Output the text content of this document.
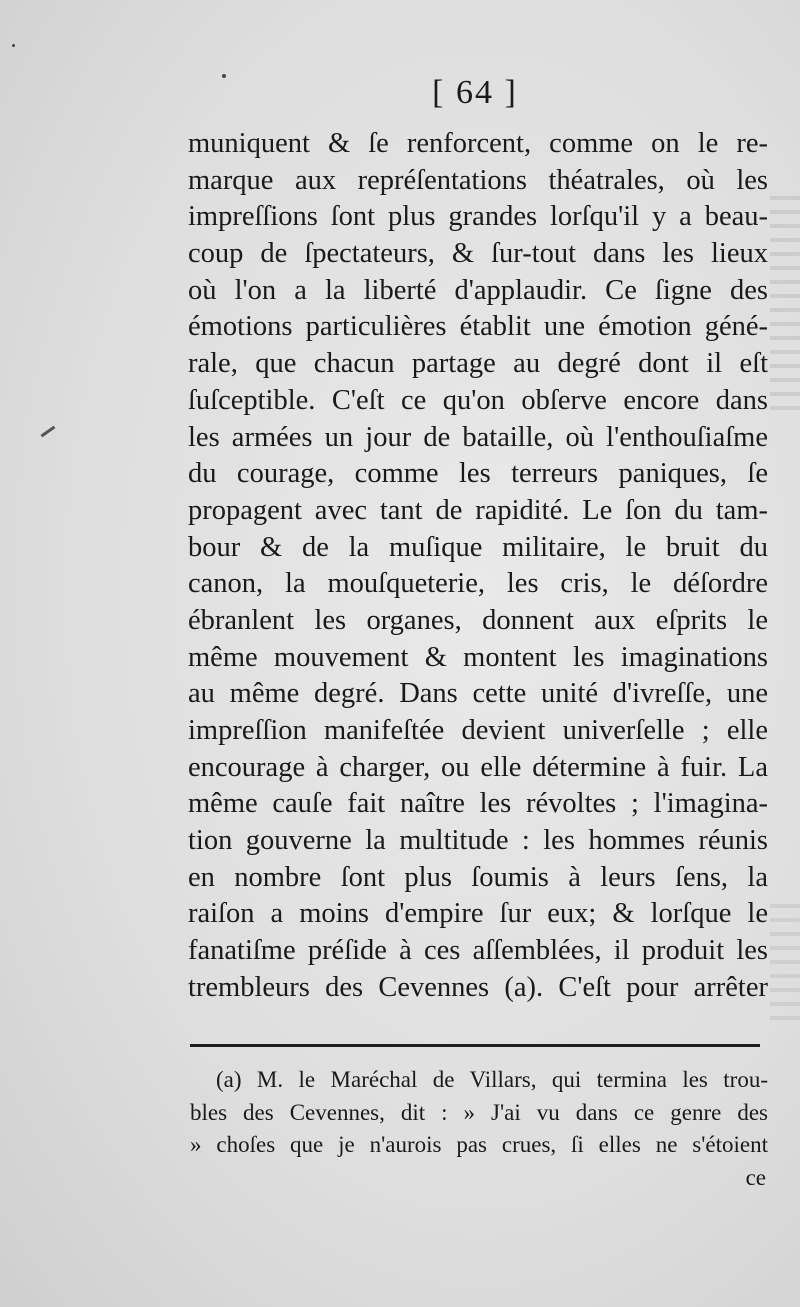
[ 64 ]
muniquent & ſe renforcent, comme on le re-
marque aux repréſentations théatrales, où les
impreſſions ſont plus grandes lorſqu'il y a beau-
coup de ſpectateurs, & ſur-tout dans les lieux
où l'on a la liberté d'applaudir. Ce ſigne des
émotions particulières établit une émotion géné-
rale, que chacun partage au degré dont il eſt
ſuſceptible. C'eſt ce qu'on obſerve encore dans
les armées un jour de bataille, où l'enthouſiaſme
du courage, comme les terreurs paniques, ſe
propagent avec tant de rapidité. Le ſon du tam-
bour & de la muſique militaire, le bruit du
canon, la mouſqueterie, les cris, le déſordre
ébranlent les organes, donnent aux eſprits le
même mouvement & montent les imaginations
au même degré. Dans cette unité d'ivreſſe, une
impreſſion manifeſtée devient univerſelle ; elle
encourage à charger, ou elle détermine à fuir. La
même cauſe fait naître les révoltes ; l'imagina-
tion gouverne la multitude : les hommes réunis
en nombre ſont plus ſoumis à leurs ſens, la
raiſon a moins d'empire ſur eux; & lorſque le
fanatiſme préſide à ces aſſemblées, il produit les
trembleurs des Cevennes (a). C'eſt pour arrêter
(a) M. le Maréchal de Villars, qui termina les trou-
bles des Cevennes, dit : » J'ai vu dans ce genre des
» choſes que je n'aurois pas crues, ſi elles ne s'étoient
ce
